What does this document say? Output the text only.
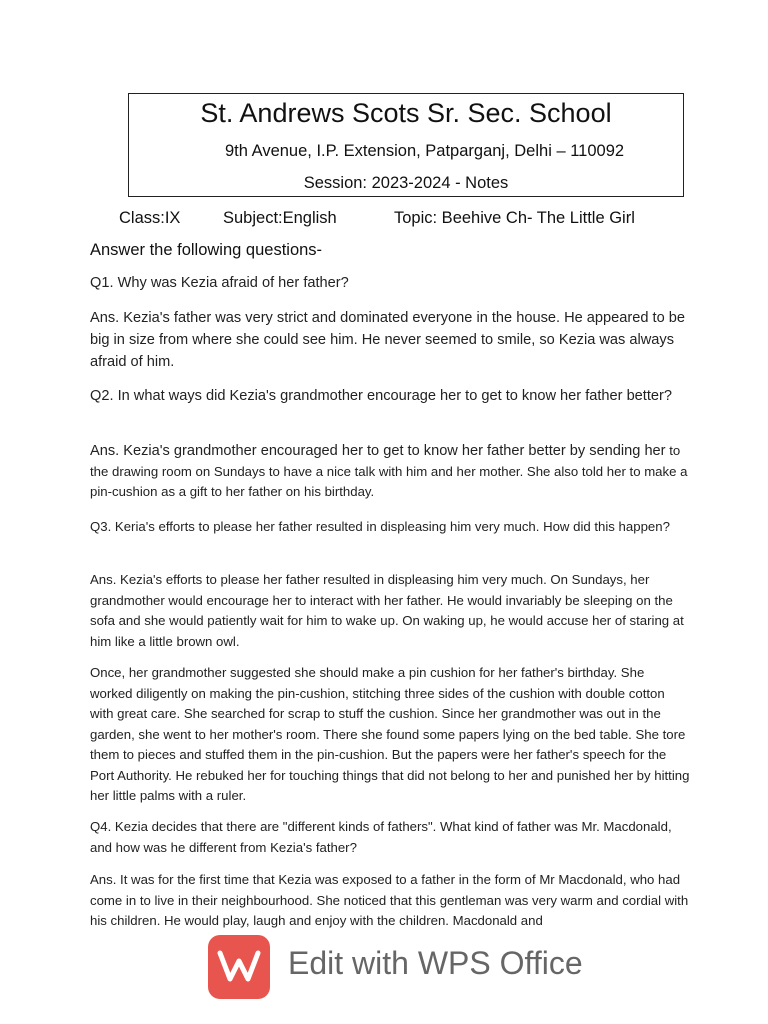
St. Andrews Scots Sr. Sec. School
9th Avenue, I.P. Extension, Patparganj, Delhi – 110092
Session: 2023-2024 - Notes
Class:IX	Subject:English	Topic: Beehive Ch- The Little Girl
Answer the following questions-
Q1. Why was Kezia afraid of her father?
Ans. Kezia's father was very strict and dominated everyone in the house. He appeared to be big in size from where she could see him. He never seemed to smile, so Kezia was always afraid of him.
Q2. In what ways did Kezia's grandmother encourage her to get to know her father better?
Ans. Kezia's grandmother encouraged her to get to know her father better by sending her to the drawing room on Sundays to have a nice talk with him and her mother. She also told her to make a pin-cushion as a gift to her father on his birthday.
Q3. Keria's efforts to please her father resulted in displeasing him very much. How did this happen?
Ans. Kezia's efforts to please her father resulted in displeasing him very much. On Sundays, her grandmother would encourage her to interact with her father. He would invariably be sleeping on the sofa and she would patiently wait for him to wake up. On waking up, he would accuse her of staring at him like a little brown owl.
Once, her grandmother suggested she should make a pin cushion for her father's birthday. She worked diligently on making the pin-cushion, stitching three sides of the cushion with double cotton with great care. She searched for scrap to stuff the cushion. Since her grandmother was out in the garden, she went to her mother's room. There she found some papers lying on the bed table. She tore them to pieces and stuffed them in the pin-cushion. But the papers were her father's speech for the Port Authority. He rebuked her for touching things that did not belong to her and punished her by hitting her little palms with a ruler.
Q4. Kezia decides that there are "different kinds of fathers". What kind of father was Mr. Macdonald, and how was he different from Kezia's father?
Ans. It was for the first time that Kezia was exposed to a father in the form of Mr Macdonald, who had come in to live in their neighbourhood. She noticed that this gentleman was very warm and cordial with his children. He would play, laugh and enjoy with the children. Macdonald and
Edit with WPS Office
